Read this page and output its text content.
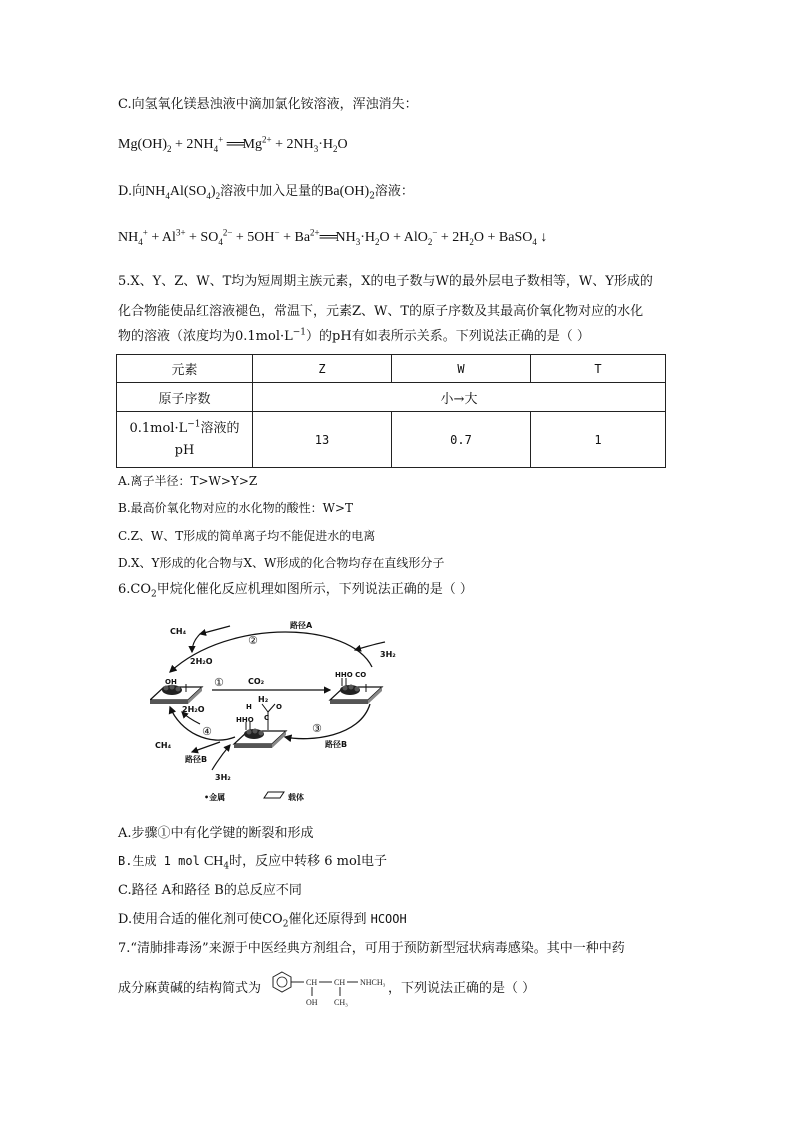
C.向氢氧化镁悬浊液中滴加氯化铵溶液，浑浊消失：
$Mg(OH)_2 + 2NH_4^+$ $══Mg^{2+} + 2NH_3\cdot H_2O$
D.向$NH_4Al(SO_4)_2$溶液中加入足量的$Ba(OH)_2$溶液：
$NH_4^+ + Al^{3+} + SO_4^{2-} + 5OH^-$ + $Ba^{2+}══NH_3\cdot H_2O + AlO_2^- + 2H_2O$ + BaSO$_4$ ↓
5.X、Y、Z、W、T均为短周期主族元素，X的电子数与W的最外层电子数相等，W、Y形成的
化合物能使品红溶液褪色，常温下，元素Z、W、T的原子序数及其最高价氧化物对应的水化
物的溶液（浓度均为$0.1mol\cdot L^{-1}$）的pH有如表所示关系。下列说法正确的是（ ）
元素	Z	W	T
原子序数	小→大		
$0.1mol\cdot L^{-1}$溶液的
pH	13	0.7	1
A.离子半径：T>W>Y>Z
B.最高价氧化物对应的水化物的酸性：W>T
C.Z、W、T形成的简单离子均不能促进水的电离
D.X、Y形成的化合物与X、W形成的化合物均存在直线形分子
$6.CO_2$甲烷化催化反应机理如图所示，下列说法正确的是（ ）
CH₄
②
路径A
3H₂
2H₂O
①	CO₂
H₂
OH
HHO CO
③
路径B
2H₂O
④
CH₄
路径B
3H₂
H	O
C
HHO
•金属	载体
A.步骤①中有化学键的断裂和形成
B.生成 1 mol $CH_4$时，反应中转移 6 mol电子
C.路径 A和路径 B的总反应不同
D.使用合适的催化剂可使$CO_2$催化还原得到 HCOOH
7.“清肺排毒汤”来源于中医经典方剂组合，可用于预防新型冠状病毒感染。其中一种中药
成分麻黄碱的结构简式为	，下列说法正确的是（ ）
CH CH NHCH₃
OH CH₃
